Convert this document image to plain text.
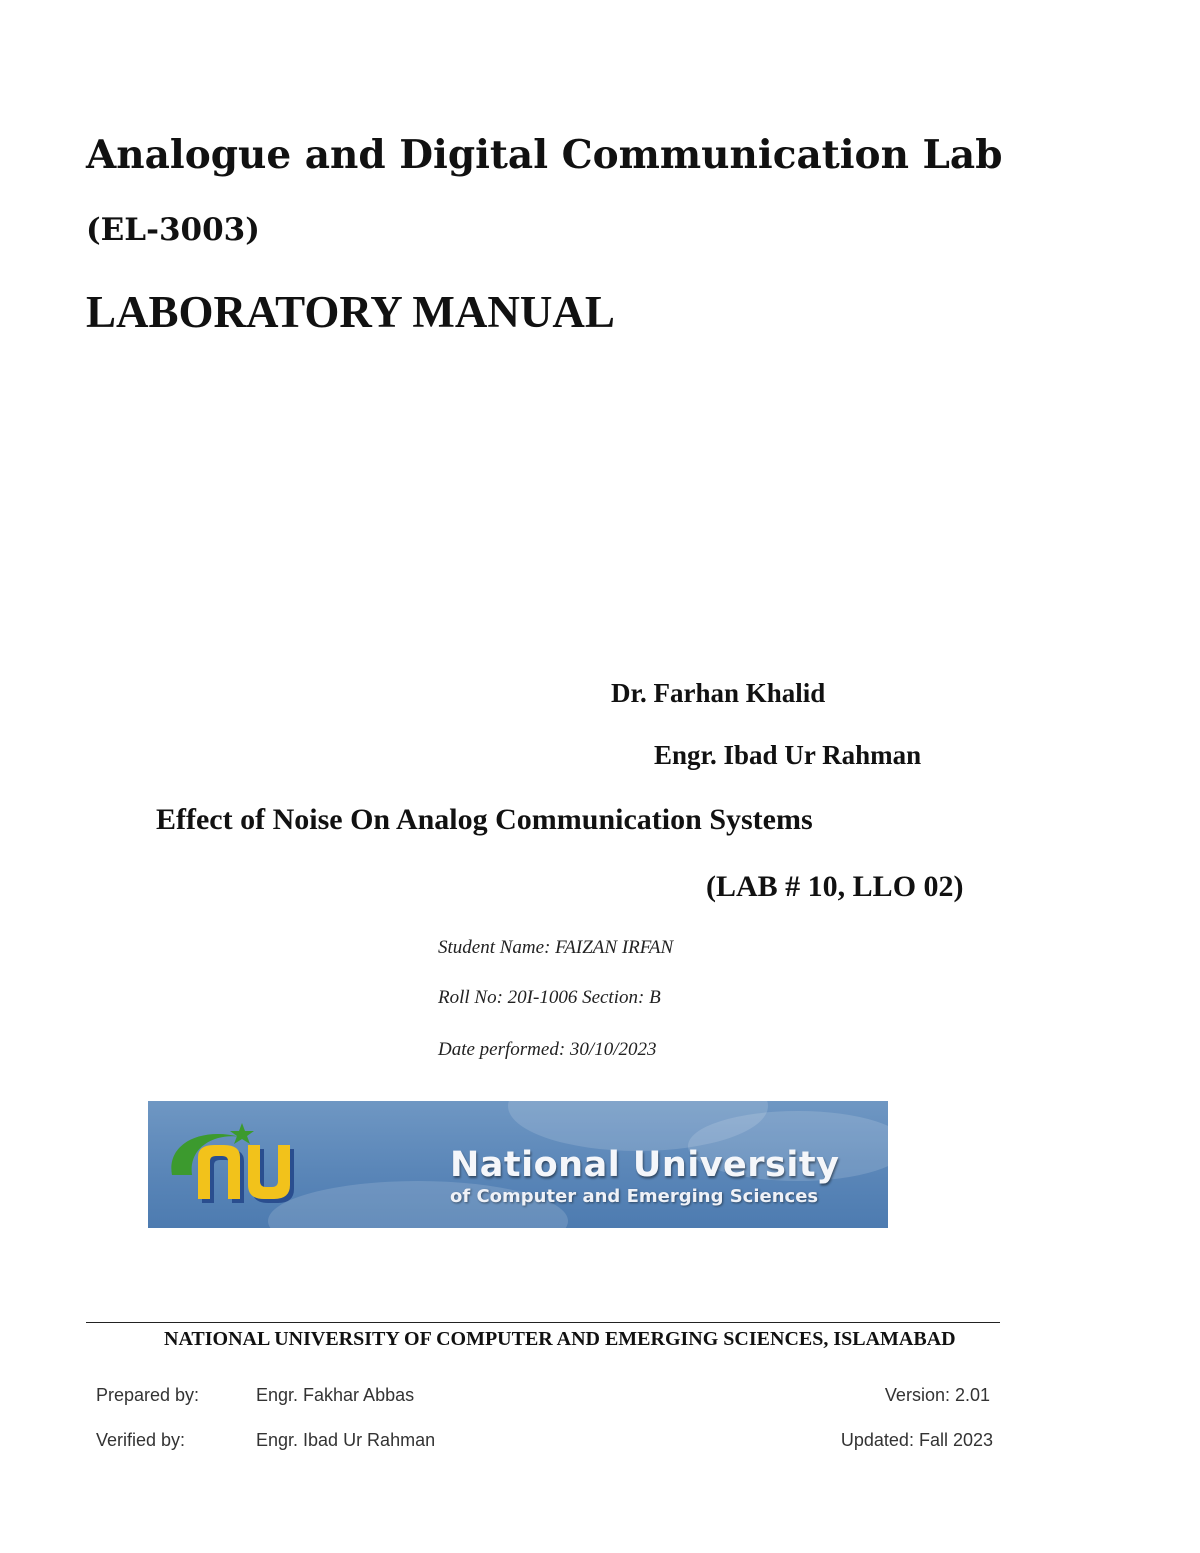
Analogue and Digital Communication Lab
(EL-3003)
LABORATORY MANUAL
Dr. Farhan Khalid
Engr. Ibad Ur Rahman
Effect of Noise On Analog Communication Systems
(LAB # 10, LLO 02)
Student Name: FAIZAN IRFAN
Roll No: 20I-1006 Section: B
Date performed: 30/10/2023
National University
of Computer and Emerging Sciences
NATIONAL UNIVERSITY OF COMPUTER AND EMERGING SCIENCES, ISLAMABAD
Prepared by:	Engr. Fakhar Abbas	Version: 2.01
Verified by:	Engr. Ibad Ur Rahman	Updated: Fall 2023
